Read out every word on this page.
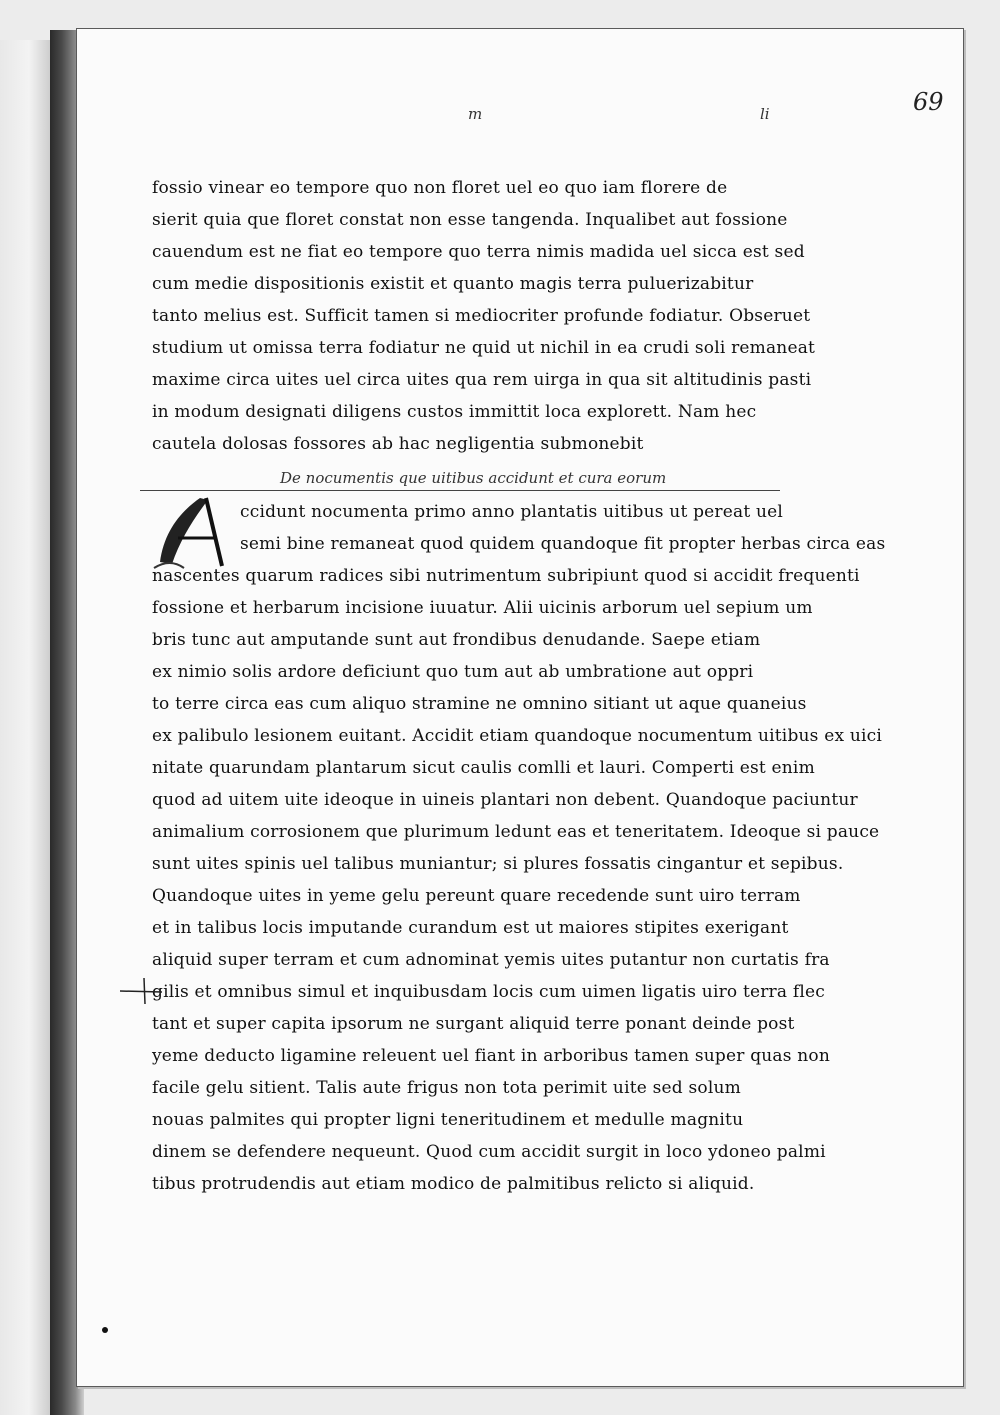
m	li	69
fossio vinear eo tempore quo non floret uel eo quo iam florere de
sierit quia que floret constat non esse tangenda. Inqualibet aut fossione
cauendum est ne fiat eo tempore quo terra nimis madida uel sicca est sed
cum medie dispositionis existit et quanto magis terra puluerizabitur
tanto melius est. Sufficit tamen si mediocriter profunde fodiatur. Obseruet
studium ut omissa terra fodiatur ne quid ut nichil in ea crudi soli remaneat
maxime circa uites uel circa uites qua rem uirga in qua sit altitudinis pasti
in modum designati diligens custos immittit loca explorett. Nam hec
cautela dolosas fossores ab hac negligentia submonebit
De nocumentis que uitibus accidunt et cura eorum
ccidunt nocumenta primo anno plantatis uitibus ut pereat uel
semi bine remaneat quod quidem quandoque fit propter herbas circa eas
nascentes quarum radices sibi nutrimentum subripiunt quod si accidit frequenti
fossione et herbarum incisione iuuatur. Alii uicinis arborum uel sepium um
bris tunc aut amputande sunt aut frondibus denudande. Saepe etiam
ex nimio solis ardore deficiunt quo tum aut ab umbratione aut oppri
to terre circa eas cum aliquo stramine ne omnino sitiant ut aque quaneius
ex palibulo lesionem euitant. Accidit etiam quandoque nocumentum uitibus ex uici
nitate quarundam plantarum sicut caulis comlli et lauri. Comperti est enim
quod ad uitem uite ideoque in uineis plantari non debent. Quandoque paciuntur
animalium corrosionem que plurimum ledunt eas et teneritatem. Ideoque si pauce
sunt uites spinis uel talibus muniantur; si plures fossatis cingantur et sepibus.
Quandoque uites in yeme gelu pereunt quare recedende sunt uiro terram
et in talibus locis imputande curandum est ut maiores stipites exerigant
aliquid super terram et cum adnominat yemis uites putantur non curtatis fra
gilis et omnibus simul et inquibusdam locis cum uimen ligatis uiro terra flec
tant et super capita ipsorum ne surgant aliquid terre ponant deinde post
yeme deducto ligamine releuent uel fiant in arboribus tamen super quas non
facile gelu sitient. Talis aute frigus non tota perimit uite sed solum
nouas palmites qui propter ligni teneritudinem et medulle magnitu
dinem se defendere nequeunt. Quod cum accidit surgit in loco ydoneo palmi
tibus protrudendis aut etiam modico de palmitibus relicto si aliquid.
